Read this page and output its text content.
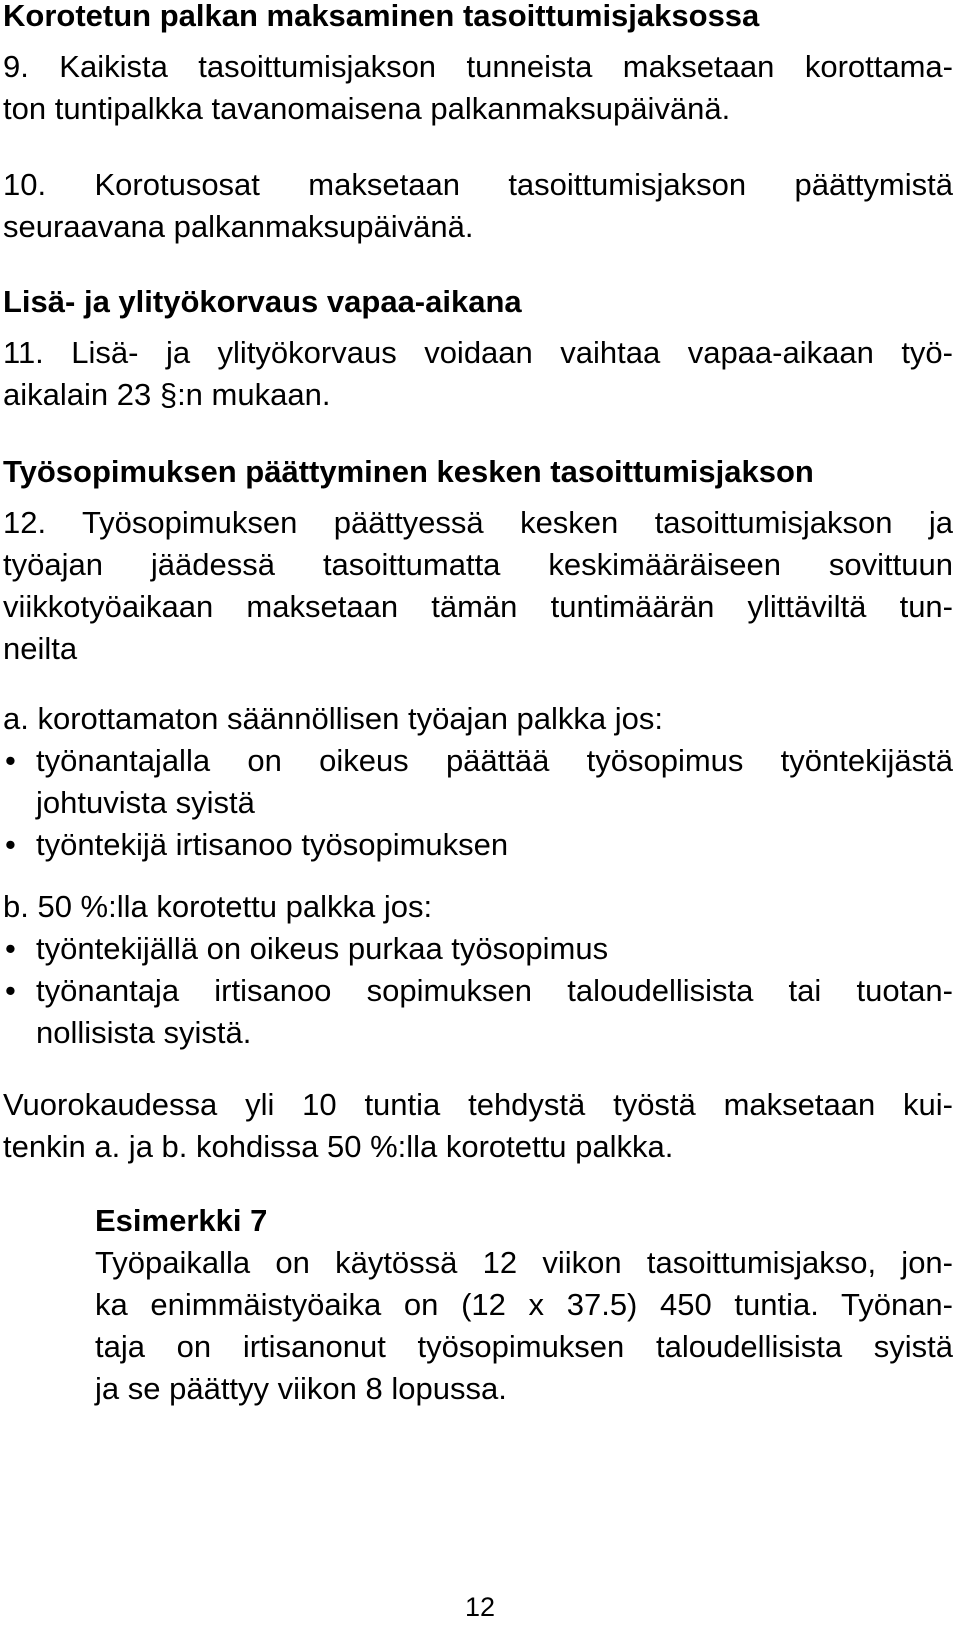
Korotetun palkan maksaminen tasoittumisjaksossa

9. Kaikista tasoittumisjakson tunneista maksetaan korottama-
ton tuntipalkka tavanomaisena palkanmaksupäivänä.

10. Korotusosat maksetaan tasoittumisjakson päättymistä
seuraavana palkanmaksupäivänä.

Lisä- ja ylityökorvaus vapaa-aikana

11. Lisä- ja ylityökorvaus voidaan vaihtaa vapaa-aikaan työ-
aikalain 23 §:n mukaan.

Työsopimuksen päättyminen kesken tasoittumisjakson

12. Työsopimuksen päättyessä kesken tasoittumisjakson ja
työajan jäädessä tasoittumatta keskimääräiseen sovittuun
viikkotyöaikaan maksetaan tämän tuntimäärän ylittäviltä tun-
neilta

a. korottamaton säännöllisen työajan palkka jos:

• työnantajalla on oikeus päättää työsopimus työntekijästä
johtuvista syistä
• työntekijä irtisanoo työsopimuksen

b. 50 %:lla korotettu palkka jos:

• työntekijällä on oikeus purkaa työsopimus
• työnantaja irtisanoo sopimuksen taloudellisista tai tuotan-
nollisista syistä.

Vuorokaudessa yli 10 tuntia tehdystä työstä maksetaan kui-
tenkin a. ja b. kohdissa 50 %:lla korotettu palkka.

Esimerkki 7

Työpaikalla on käytössä 12 viikon tasoittumisjakso, jon-
ka enimmäistyöaika on (12 x 37.5) 450 tuntia. Työnan-
taja on irtisanonut työsopimuksen taloudellisista syistä
ja se päättyy viikon 8 lopussa.

12
